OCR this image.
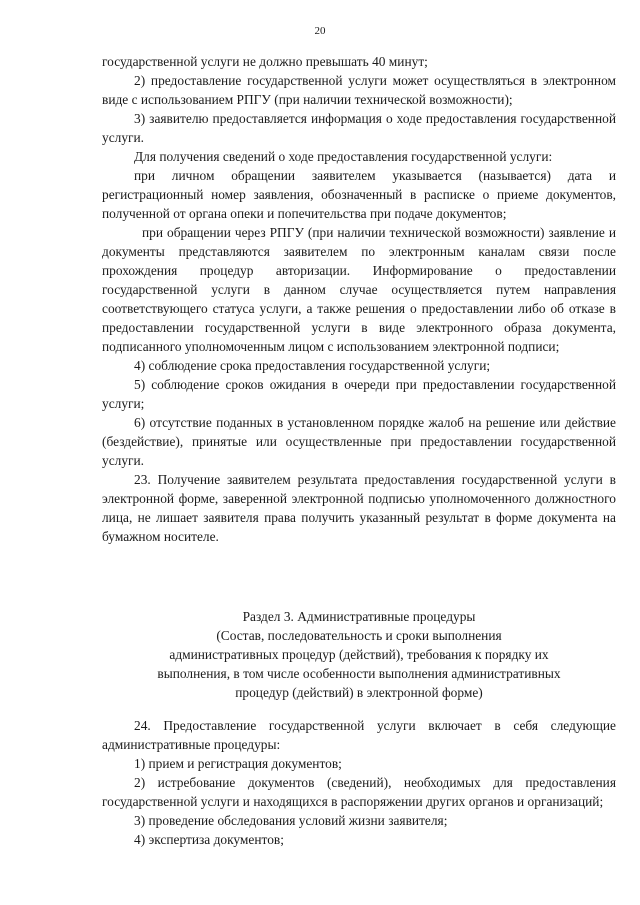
20

государственной услуги не должно превышать 40 минут;

2) предоставление государственной услуги может осуществляться в электронном виде с использованием РПГУ (при наличии технической возможности);

3) заявителю предоставляется информация о ходе предоставления государственной услуги.

Для получения сведений о ходе предоставления государственной услуги:

при личном обращении заявителем указывается (называется) дата и регистрационный номер заявления, обозначенный в расписке о приеме документов, полученной от органа опеки и попечительства при подаче документов;

при обращении через РПГУ (при наличии технической возможности) заявление и документы представляются заявителем по электронным каналам связи после прохождения процедур авторизации. Информирование о предоставлении государственной услуги в данном случае осуществляется путем направления соответствующего статуса услуги, а также решения о предоставлении либо об отказе в предоставлении государственной услуги в виде электронного образа документа, подписанного уполномоченным лицом с использованием электронной подписи;

4) соблюдение срока предоставления государственной услуги;

5) соблюдение сроков ожидания в очереди при предоставлении государственной услуги;

6) отсутствие поданных в установленном порядке жалоб на решение или действие (бездействие), принятые или осуществленные при предоставлении государственной услуги.

23. Получение заявителем результата предоставления государственной услуги в электронной форме, заверенной электронной подписью уполномоченного должностного лица, не лишает заявителя права получить указанный результат в форме документа на бумажном носителе.

Раздел 3. Административные процедуры
(Состав, последовательность и сроки выполнения
административных процедур (действий), требования к порядку их
выполнения, в том числе особенности выполнения административных
процедур (действий) в электронной форме)

24. Предоставление государственной услуги включает в себя следующие административные процедуры:

1) прием и регистрация документов;

2) истребование документов (сведений), необходимых для предоставления государственной услуги и находящихся в распоряжении других органов и организаций;

3) проведение обследования условий жизни заявителя;

4) экспертиза документов;
